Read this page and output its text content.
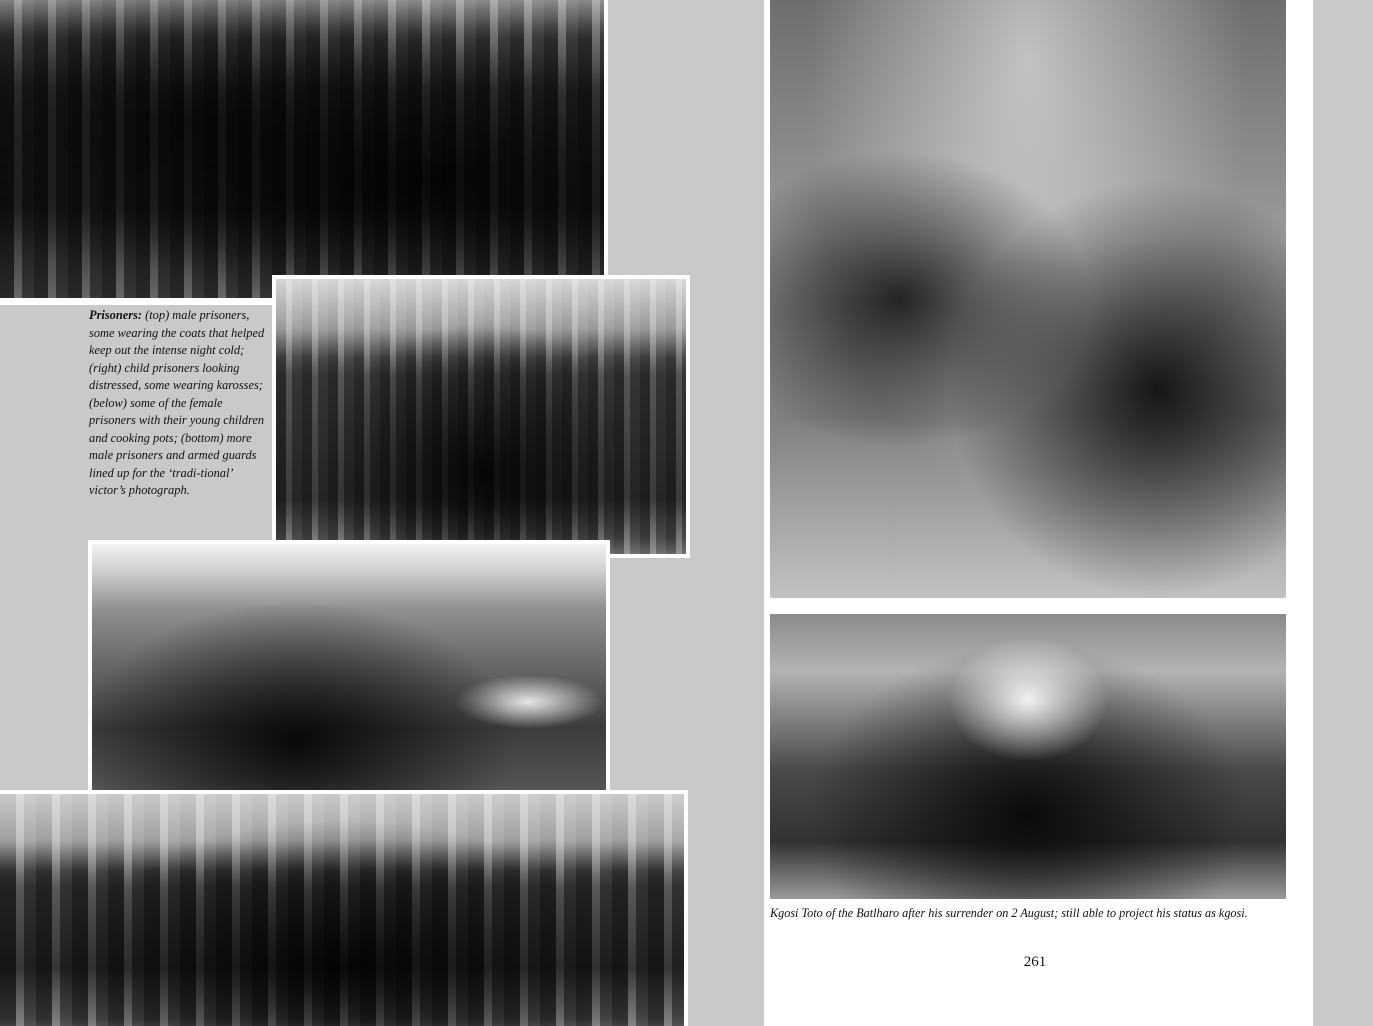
Prisoners: (top) male prisoners, some wearing the coats that helped keep out the intense night cold; (right) child prisoners looking distressed, some wearing karosses; (below) some of the female prisoners with their young children and cooking pots; (bottom) more male prisoners and armed guards lined up for the ‘tradi-tional’ victor’s photograph.

Kgosi Toto of the Batlharo after his surrender on 2 August; still able to project his status as kgosi.

261
